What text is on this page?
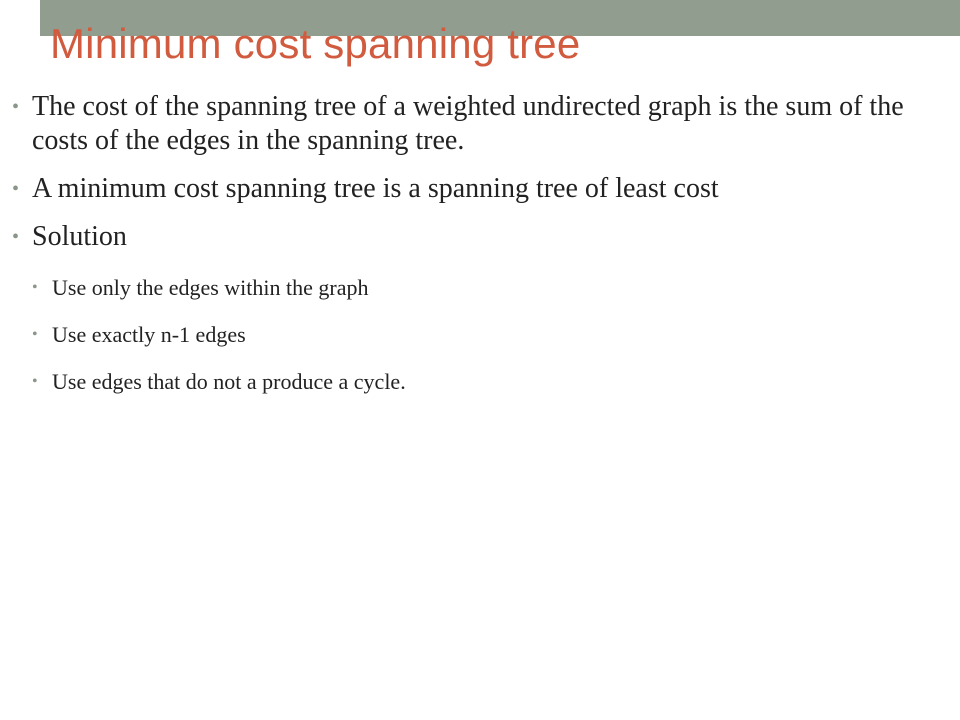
Minimum cost spanning tree
• The cost of the spanning tree of a weighted undirected graph is the sum of the costs of the edges in the spanning tree.
• A minimum cost spanning tree is a spanning tree of least cost
• Solution
• Use only the edges within the graph
• Use exactly n-1 edges
• Use edges that do not a produce a cycle.
